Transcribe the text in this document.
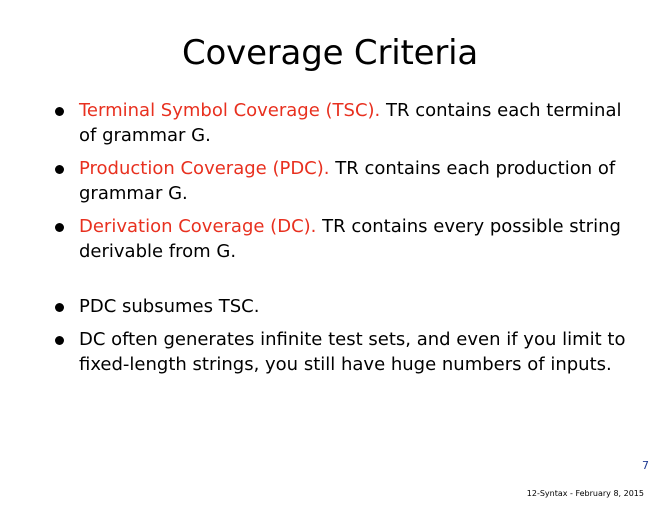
Coverage Criteria
Terminal Symbol Coverage (TSC). TR contains each terminal of grammar G.
Production Coverage (PDC). TR contains each production of grammar G.
Derivation Coverage (DC). TR contains every possible string derivable from G.
PDC subsumes TSC.
DC often generates infinite test sets, and even if you limit to fixed-length strings, you still have huge numbers of inputs.
7
12-Syntax - February 8, 2015
